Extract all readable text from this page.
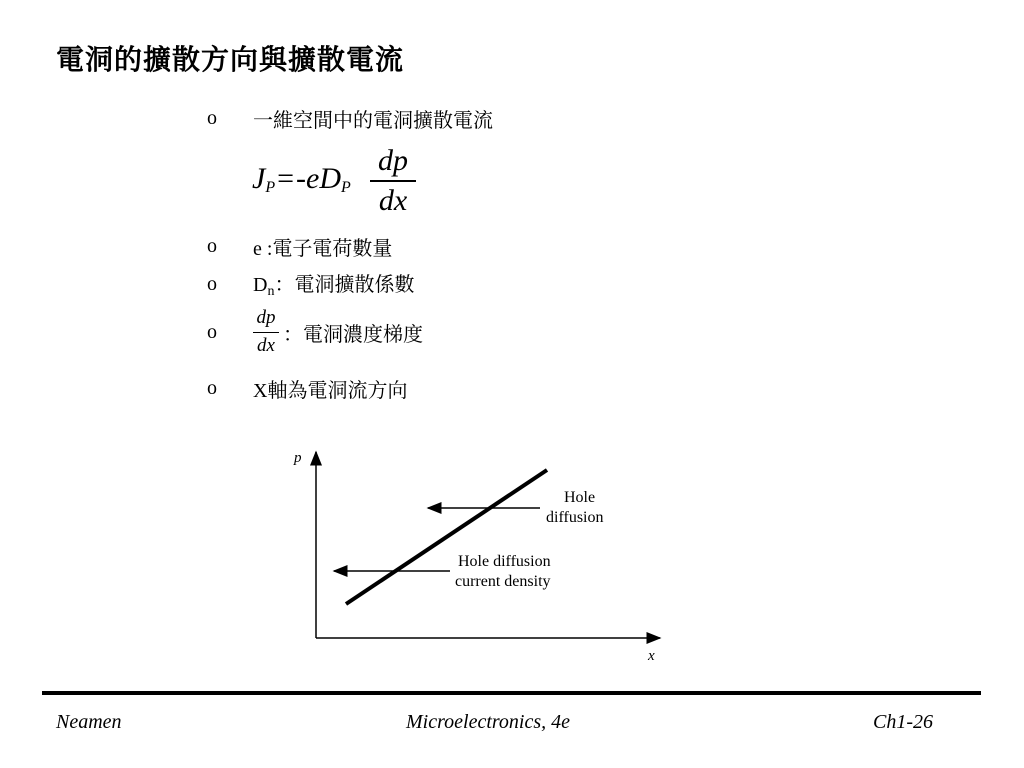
電洞的擴散方向與擴散電流
o	一維空間中的電洞擴散電流
$J_P=-eD_P$
dp
dx
o	e :電子電荷數量
o	$D_n$：電洞擴散係數
o	$\frac{dp}{dx}$ ：電洞濃度梯度
o	X軸為電洞流方向
p
x
Hole
diffusion
Hole diffusion
current density
Neamen	Microelectronics, 4e	Ch1-26
